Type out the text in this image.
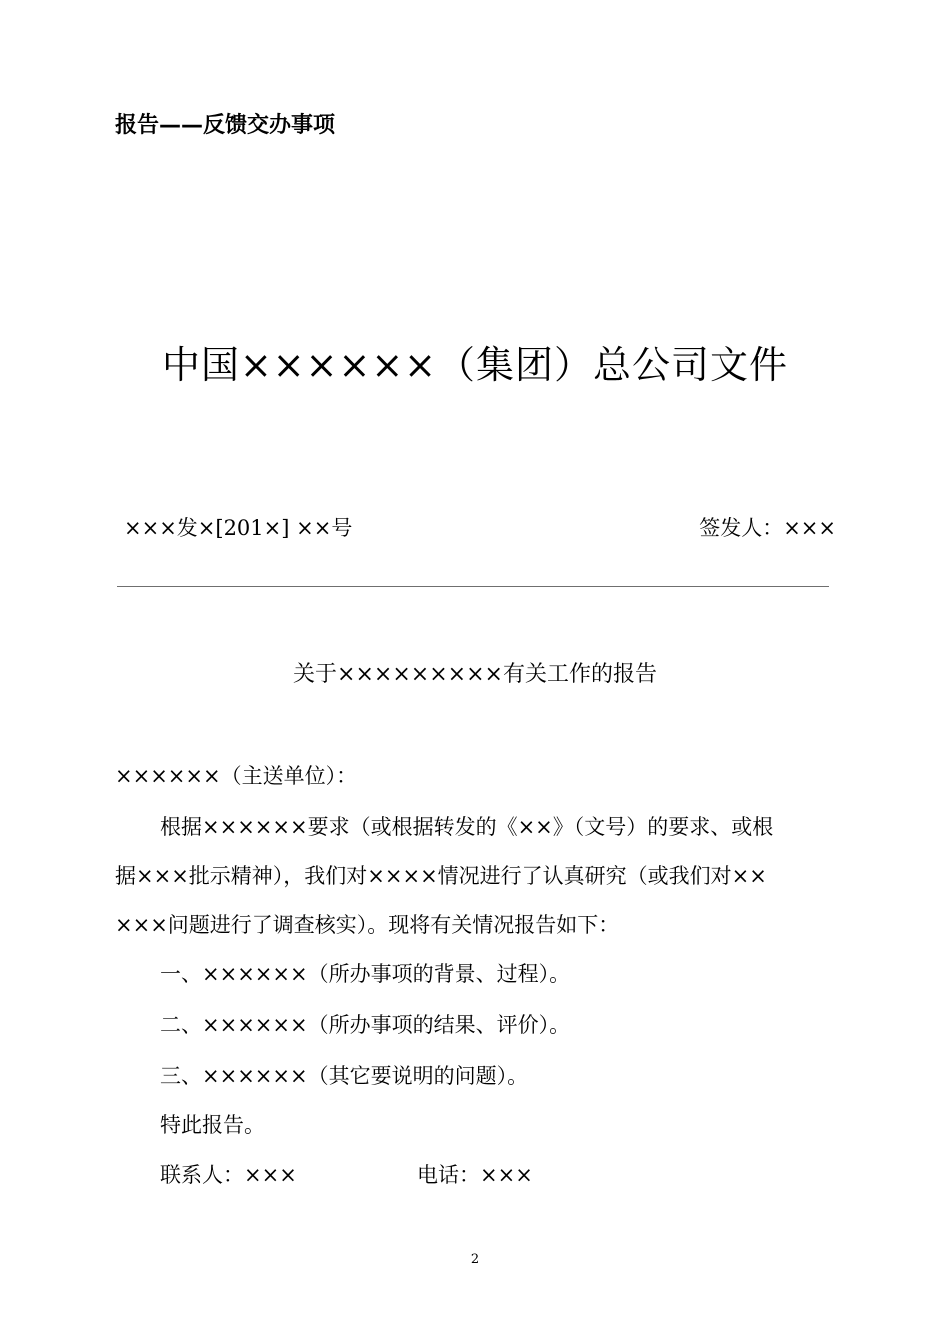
报告——反馈交办事项
中国××××××（集团）总公司文件
×××发×[201×] ××号	签发人：×××
关于×××××××××有关工作的报告
××××××（主送单位）：
根据××××××要求（或根据转发的《××》（文号）的要求、或根
据×××批示精神），我们对××××情况进行了认真研究（或我们对××
×××问题进行了调查核实）。现将有关情况报告如下：
一、××××××（所办事项的背景、过程）。
二、××××××（所办事项的结果、评价）。
三、××××××（其它要说明的问题）。
特此报告。
联系人：×××	电话：×××
2
